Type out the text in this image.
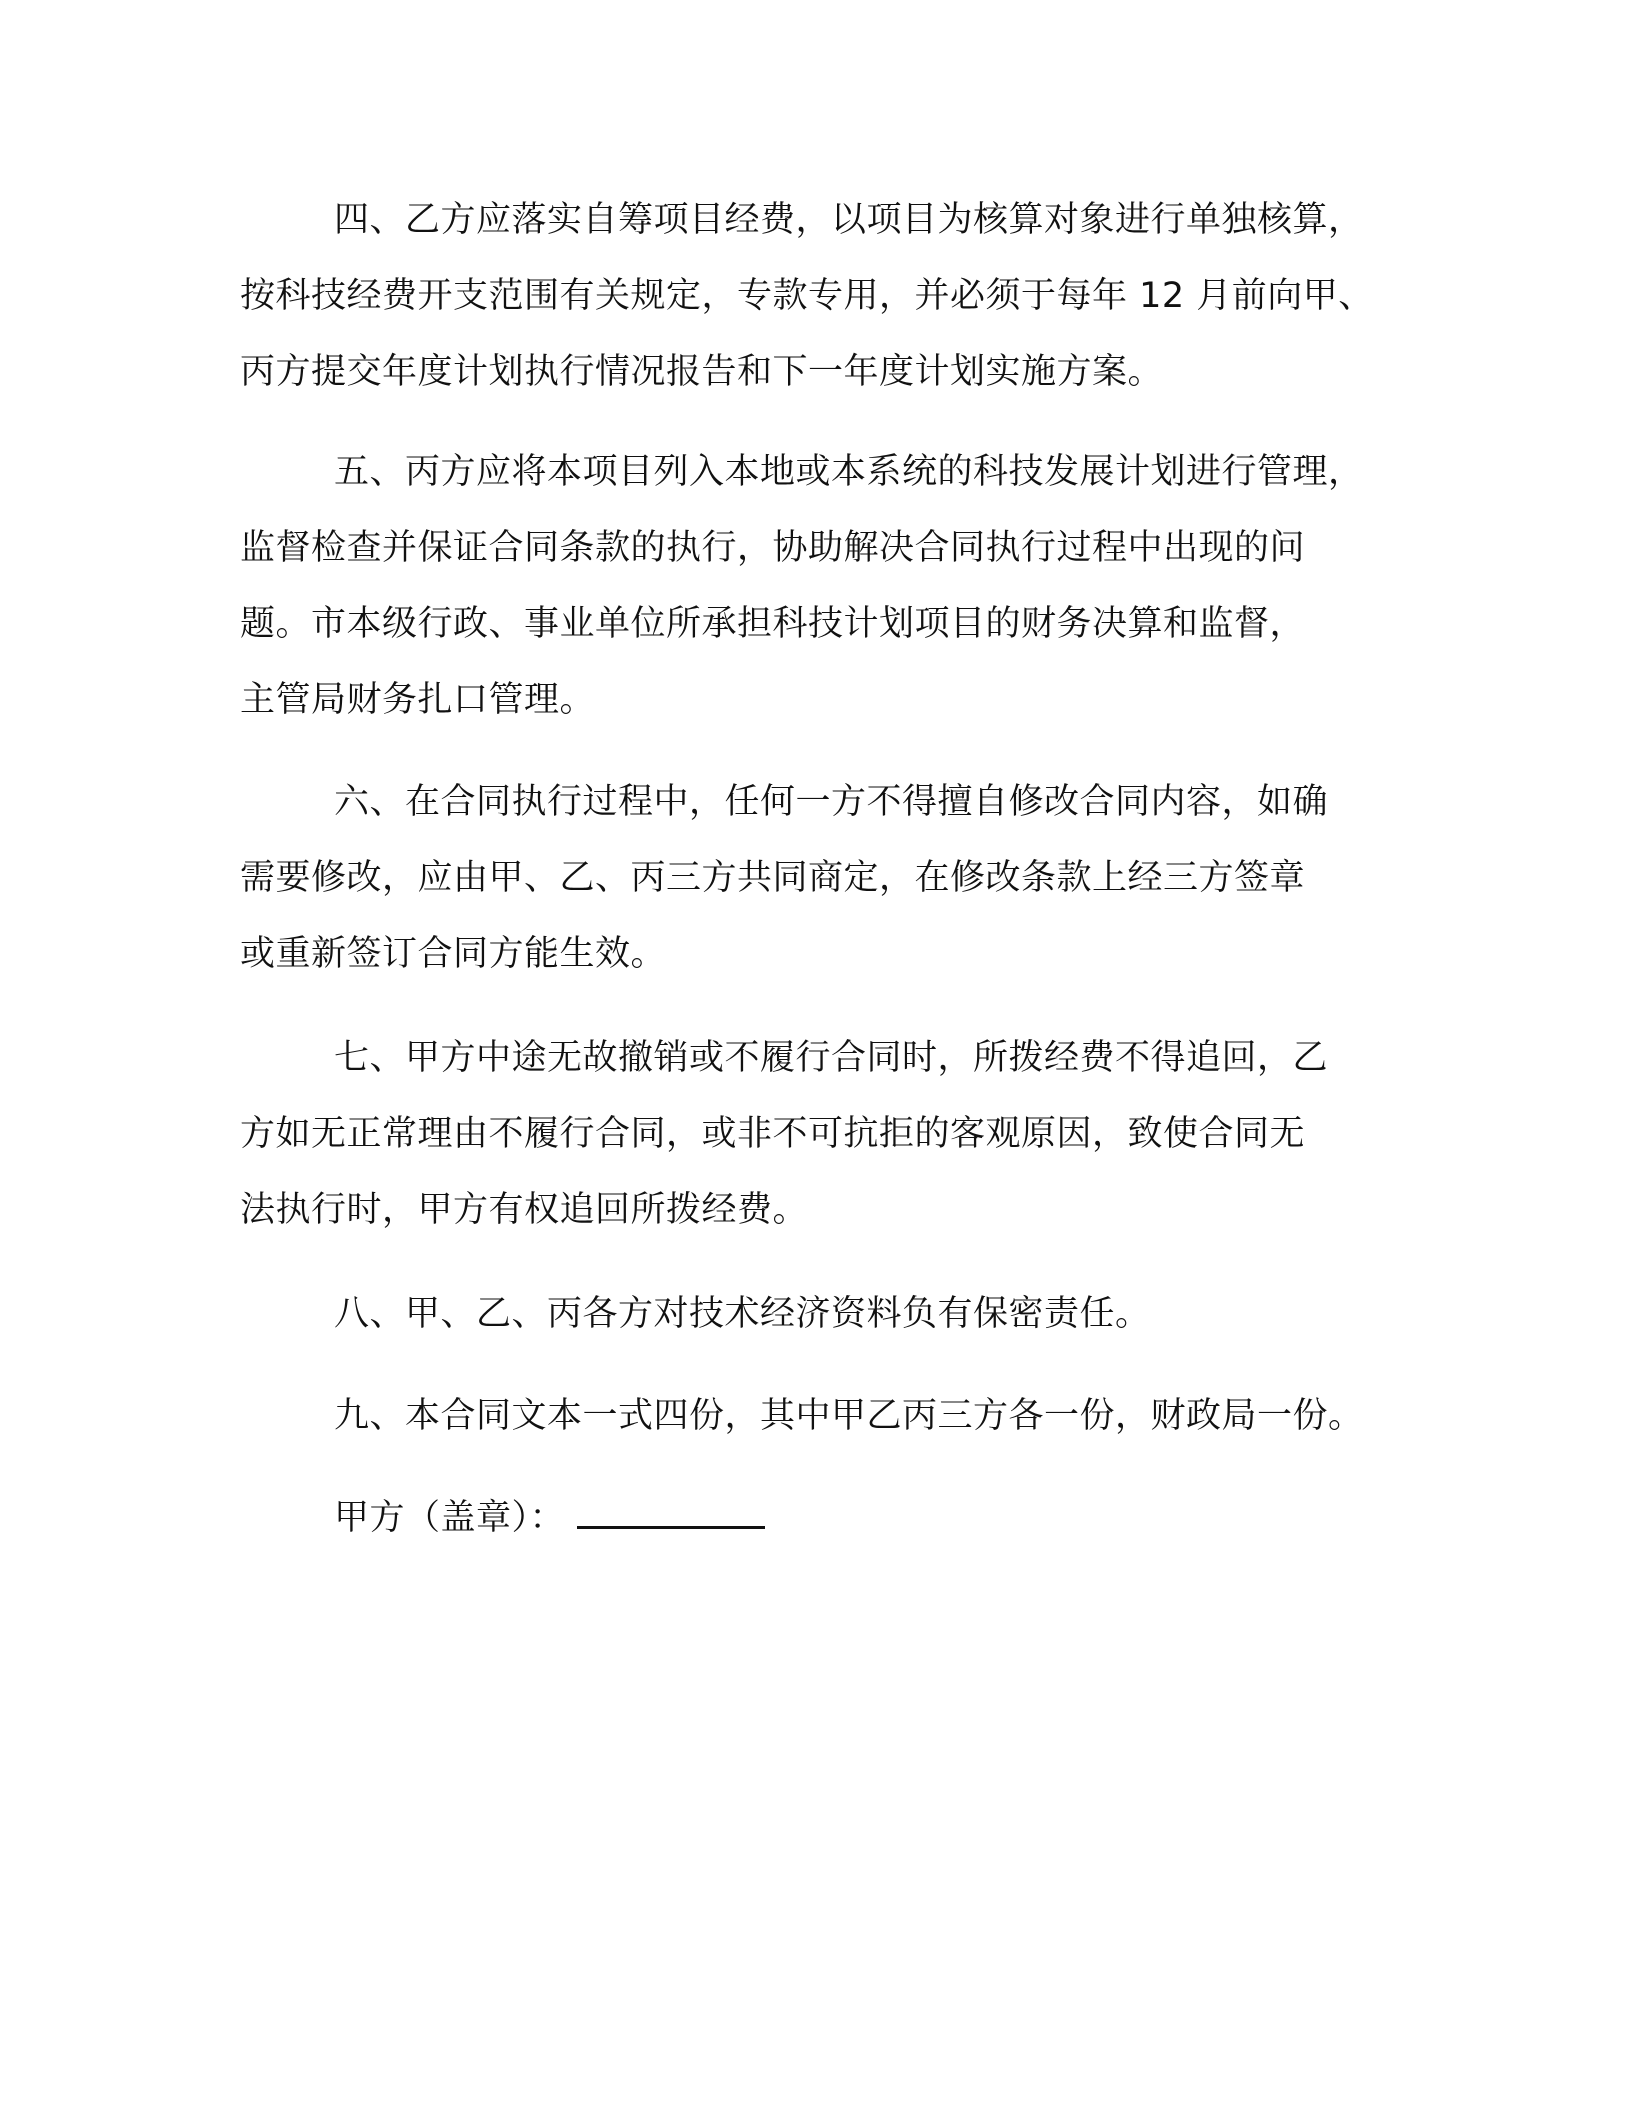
四、乙方应落实自筹项目经费，以项目为核算对象进行单独核算，
按科技经费开支范围有关规定，专款专用，并必须于每年 12 月前向甲、
丙方提交年度计划执行情况报告和下一年度计划实施方案。
五、丙方应将本项目列入本地或本系统的科技发展计划进行管理，
监督检查并保证合同条款的执行，协助解决合同执行过程中出现的问
题。市本级行政、事业单位所承担科技计划项目的财务决算和监督，
主管局财务扎口管理。
六、在合同执行过程中，任何一方不得擅自修改合同内容，如确
需要修改，应由甲、乙、丙三方共同商定，在修改条款上经三方签章
或重新签订合同方能生效。
七、甲方中途无故撤销或不履行合同时，所拨经费不得追回，乙
方如无正常理由不履行合同，或非不可抗拒的客观原因，致使合同无
法执行时，甲方有权追回所拨经费。
八、甲、乙、丙各方对技术经济资料负有保密责任。
九、本合同文本一式四份，其中甲乙丙三方各一份，财政局一份。
甲方（盖章）：
